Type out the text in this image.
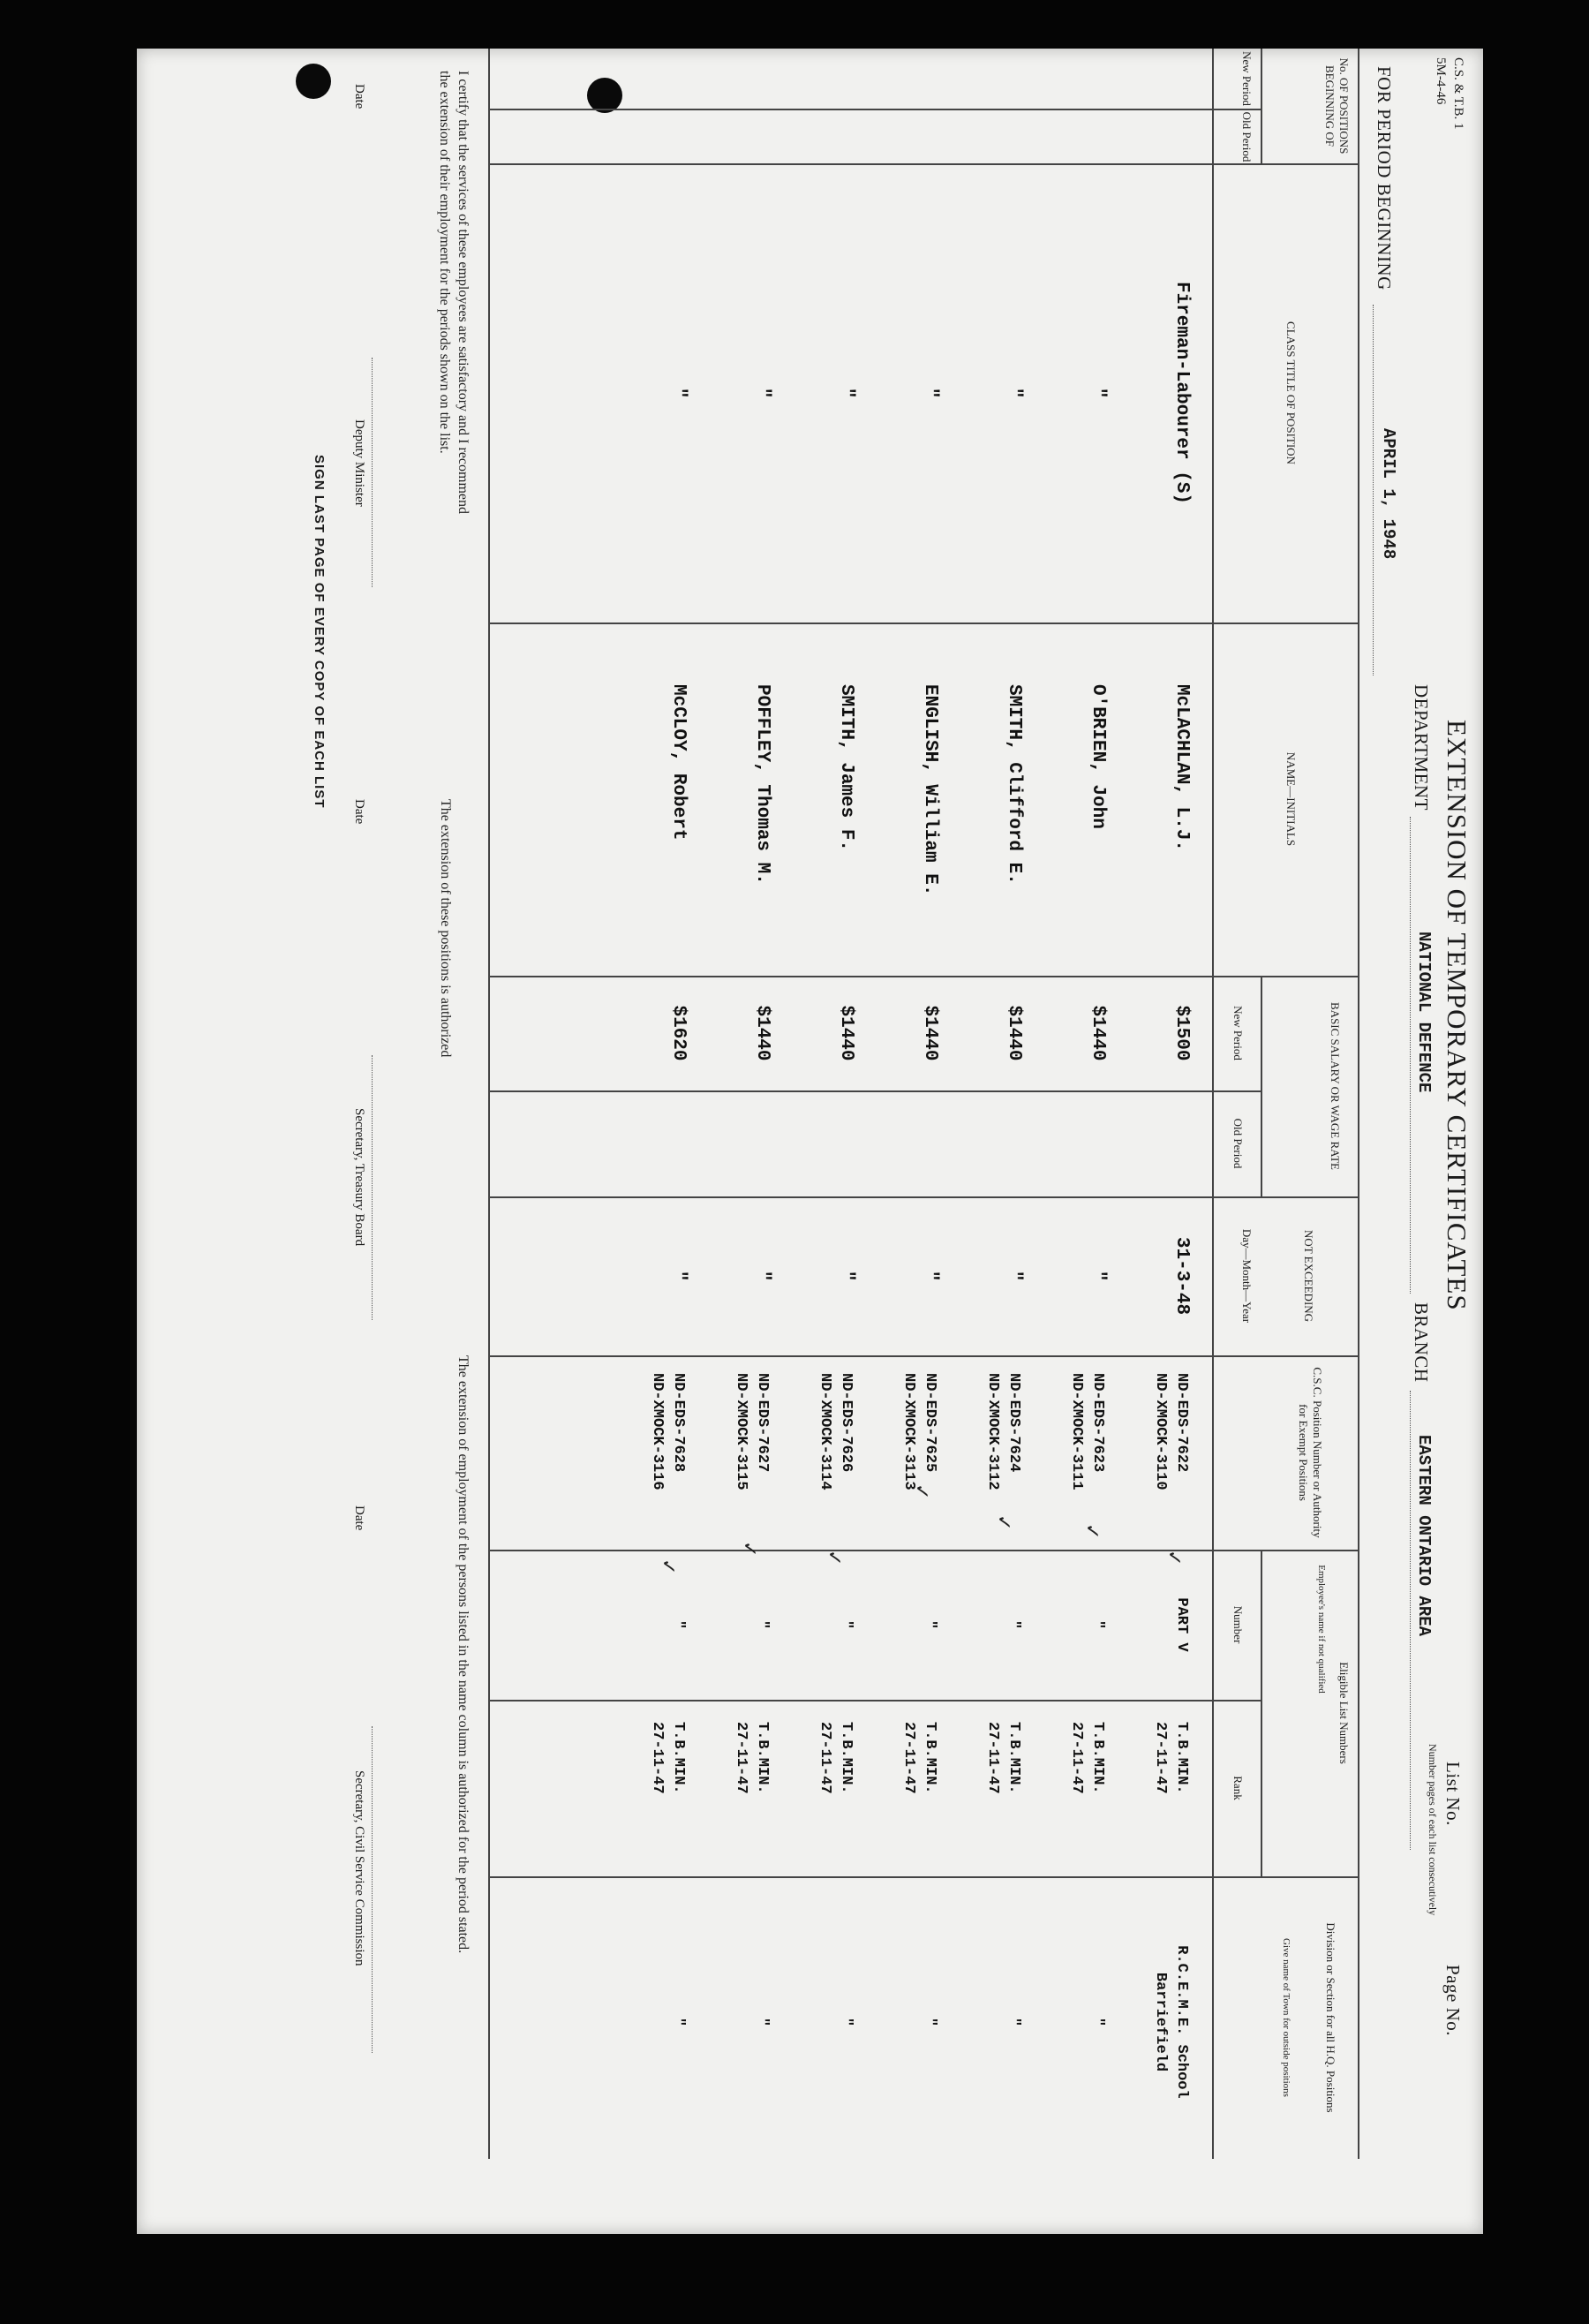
C.S. & T.B. 1
5M-4-46
EXTENSION OF TEMPORARY CERTIFICATES
FOR PERIOD BEGINNING
APRIL 1, 1948
DEPARTMENT
NATIONAL DEFENCE
BRANCH
EASTERN ONTARIO AREA
List No.
Page No.
Number pages of each list consecutively
No. OF POSITIONS BEGINNING OF
New Period
Old Period
CLASS TITLE OF POSITION
NAME—INITIALS
BASIC SALARY OR WAGE RATE
New Period
Old Period
NOT EXCEEDING
Day—Month—Year
C.S.C. Position Number or Authority for Exempt Positions
Eligible List Numbers
Employee's name if not qualified
Number
Rank
Division or Section for all H.Q. Positions
Give name of Town for outside positions
Fireman-Labourer (S)
McLACHLAN, L.J.
$1500
31-3-48
ND-EDS-7622
ND-XMOCK-3110
PART V
T.B.MIN.
27-11-47
R.C.E.M.E. School
Barriefield
"
O'BRIEN, John
$1440
"
ND-EDS-7623
ND-XMOCK-3111
"
T.B.MIN.
27-11-47
"
"
SMITH, Clifford E.
$1440
"
ND-EDS-7624
ND-XMOCK-3112
"
T.B.MIN.
27-11-47
"
"
ENGLISH, William E.
$1440
"
ND-EDS-7625
ND-XMOCK-3113
"
T.B.MIN.
27-11-47
"
"
SMITH, James F.
$1440
"
ND-EDS-7626
ND-XMOCK-3114
"
T.B.MIN.
27-11-47
"
"
POFFLEY, Thomas M.
$1440
"
ND-EDS-7627
ND-XMOCK-3115
"
T.B.MIN.
27-11-47
"
"
McCLOY, Robert
$1620
"
ND-EDS-7628
ND-XMOCK-3116
"
T.B.MIN.
27-11-47
"
✓
✓
✓
✓
✓
✓
✓
I certify that the services of these employees are satisfactory and I recommend the extension of their employment for the periods shown on the list.
Date
Deputy Minister
The extension of these positions is authorized
Date
Secretary, Treasury Board
The extension of employment of the persons listed in the name column is authorized for the period stated.
Date
Secretary, Civil Service Commission
SIGN LAST PAGE OF EVERY COPY OF EACH LIST
